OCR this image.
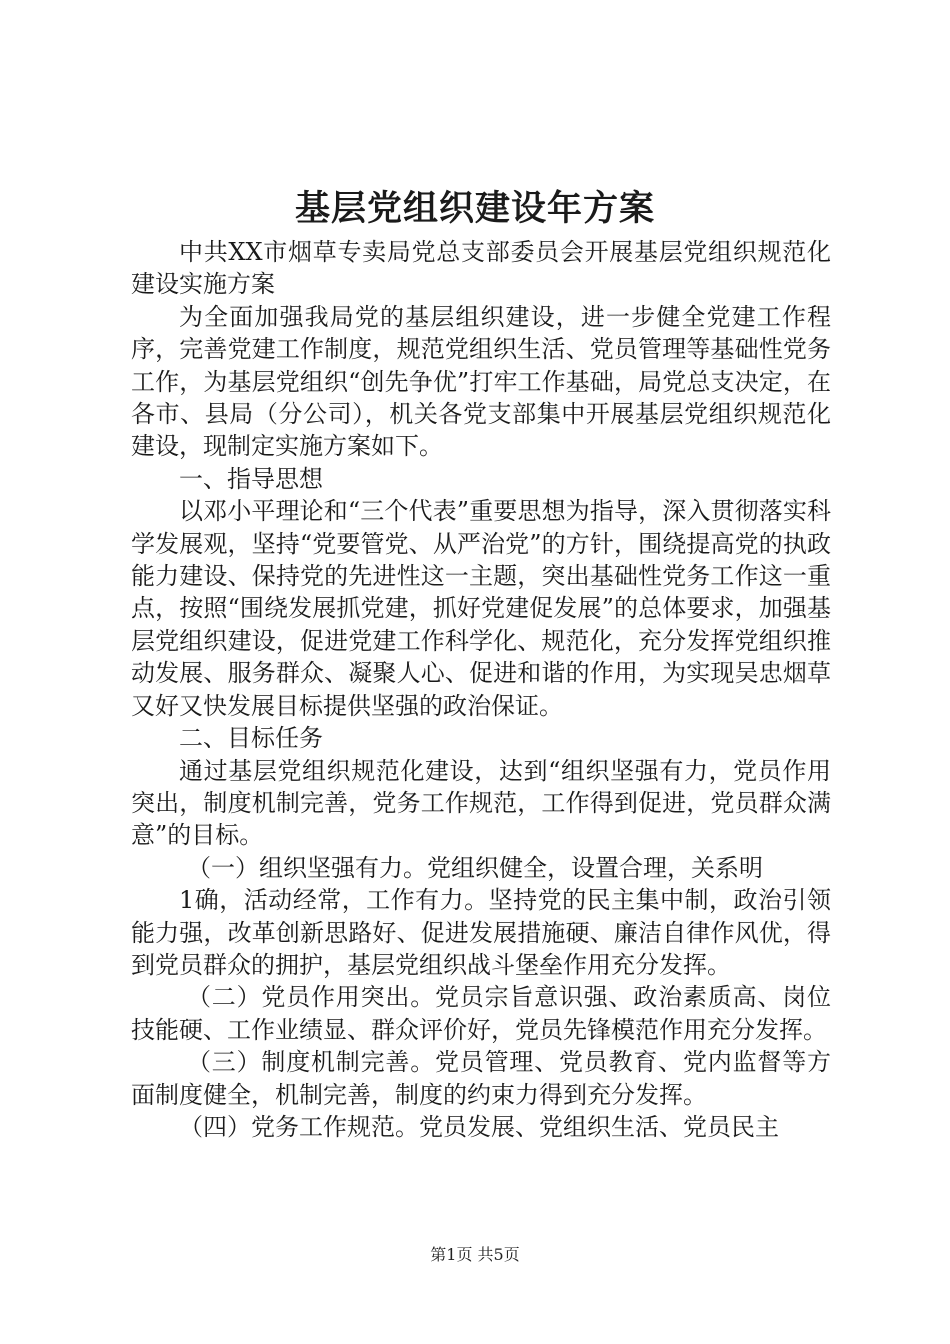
基层党组织建设年方案

中共XX市烟草专卖局党总支部委员会开展基层党组织规范化建设实施方案

为全面加强我局党的基层组织建设，进一步健全党建工作程序，完善党建工作制度，规范党组织生活、党员管理等基础性党务工作，为基层党组织“创先争优”打牢工作基础，局党总支决定，在各市、县局（分公司），机关各党支部集中开展基层党组织规范化建设，现制定实施方案如下。

一、指导思想

以邓小平理论和“三个代表”重要思想为指导，深入贯彻落实科学发展观，坚持“党要管党、从严治党”的方针，围绕提高党的执政能力建设、保持党的先进性这一主题，突出基础性党务工作这一重点，按照“围绕发展抓党建，抓好党建促发展”的总体要求，加强基层党组织建设，促进党建工作科学化、规范化，充分发挥党组织推动发展、服务群众、凝聚人心、促进和谐的作用，为实现吴忠烟草又好又快发展目标提供坚强的政治保证。

二、目标任务

通过基层党组织规范化建设，达到“组织坚强有力，党员作用突出，制度机制完善，党务工作规范，工作得到促进，党员群众满意”的目标。

（一）组织坚强有力。党组织健全，设置合理，关系明

1确，活动经常，工作有力。坚持党的民主集中制，政治引领能力强，改革创新思路好、促进发展措施硬、廉洁自律作风优，得到党员群众的拥护，基层党组织战斗堡垒作用充分发挥。

（二）党员作用突出。党员宗旨意识强、政治素质高、岗位技能硬、工作业绩显、群众评价好，党员先锋模范作用充分发挥。

（三）制度机制完善。党员管理、党员教育、党内监督等方面制度健全，机制完善，制度的约束力得到充分发挥。

（四）党务工作规范。党员发展、党组织生活、党员民主

第1页 共5页
